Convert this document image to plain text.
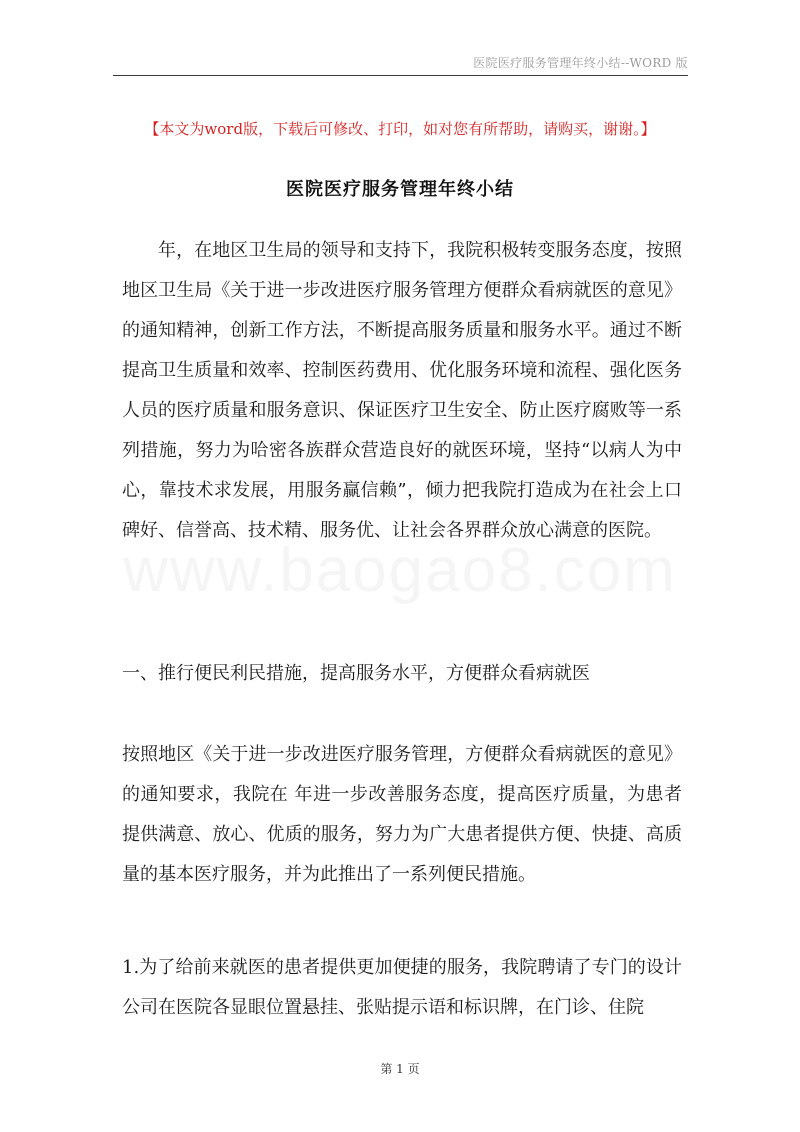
医院医疗服务管理年终小结--WORD 版
www.baogao8.com
【本文为word版，下载后可修改、打印，如对您有所帮助，请购买，谢谢。】
医院医疗服务管理年终小结
年，在地区卫生局的领导和支持下，我院积极转变服务态度，按照地区卫生局《关于进一步改进医疗服务管理方便群众看病就医的意见》的通知精神，创新工作方法，不断提高服务质量和服务水平。通过不断提高卫生质量和效率、控制医药费用、优化服务环境和流程、强化医务人员的医疗质量和服务意识、保证医疗卫生安全、防止医疗腐败等一系列措施，努力为哈密各族群众营造良好的就医环境，坚持“以病人为中心，靠技术求发展，用服务赢信赖”，倾力把我院打造成为在社会上口碑好、信誉高、技术精、服务优、让社会各界群众放心满意的医院。
一、推行便民利民措施，提高服务水平，方便群众看病就医
按照地区《关于进一步改进医疗服务管理，方便群众看病就医的意见》的通知要求，我院在 年进一步改善服务态度，提高医疗质量，为患者提供满意、放心、优质的服务，努力为广大患者提供方便、快捷、高质量的基本医疗服务，并为此推出了一系列便民措施。
1.为了给前来就医的患者提供更加便捷的服务，我院聘请了专门的设计公司在医院各显眼位置悬挂、张贴提示语和标识牌，在门诊、住院
第 1 页
